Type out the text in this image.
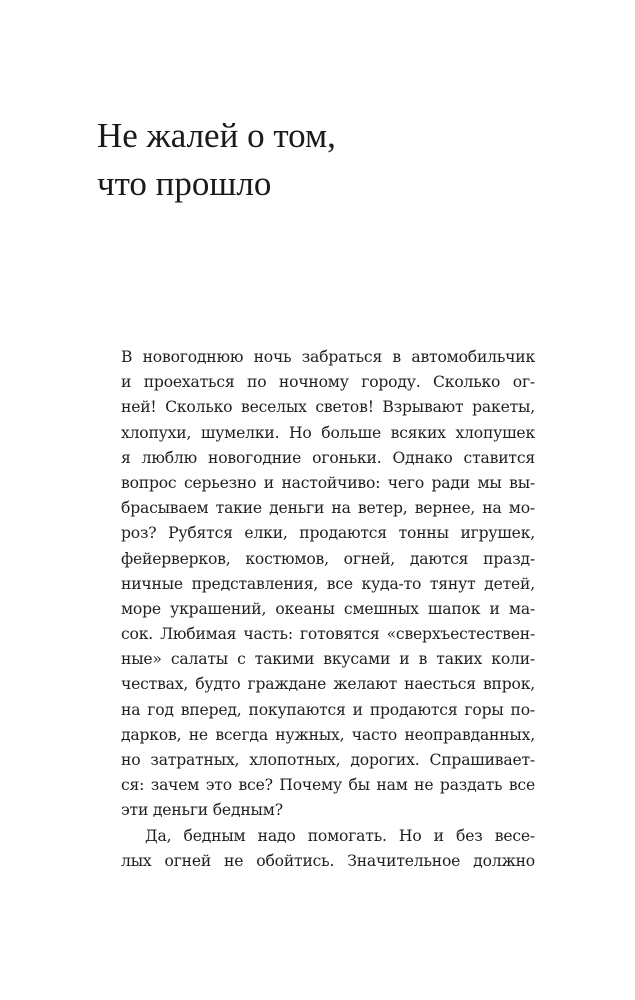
Не жалей о том,
что прошло
В новогоднюю ночь забраться в автомобильчик
и проехаться по ночному городу. Сколько ог-
ней! Сколько веселых светов! Взрывают ракеты,
хлопухи, шумелки. Но больше всяких хлопушек
я люблю новогодние огоньки. Однако ставится
вопрос серьезно и настойчиво: чего ради мы вы-
брасываем такие деньги на ветер, вернее, на мо-
роз? Рубятся елки, продаются тонны игрушек,
фейерверков, костюмов, огней, даются празд-
ничные представления, все куда-то тянут детей,
море украшений, океаны смешных шапок и ма-
сок. Любимая часть: готовятся «сверхъестествен-
ные» салаты с такими вкусами и в таких коли-
чествах, будто граждане желают наесться впрок,
на год вперед, покупаются и продаются горы по-
дарков, не всегда нужных, часто неоправданных,
но затратных, хлопотных, дорогих. Спрашивает-
ся: зачем это все? Почему бы нам не раздать все
эти деньги бедным?
Да, бедным надо помогать. Но и без весе-
лых огней не обойтись. Значительное должно
